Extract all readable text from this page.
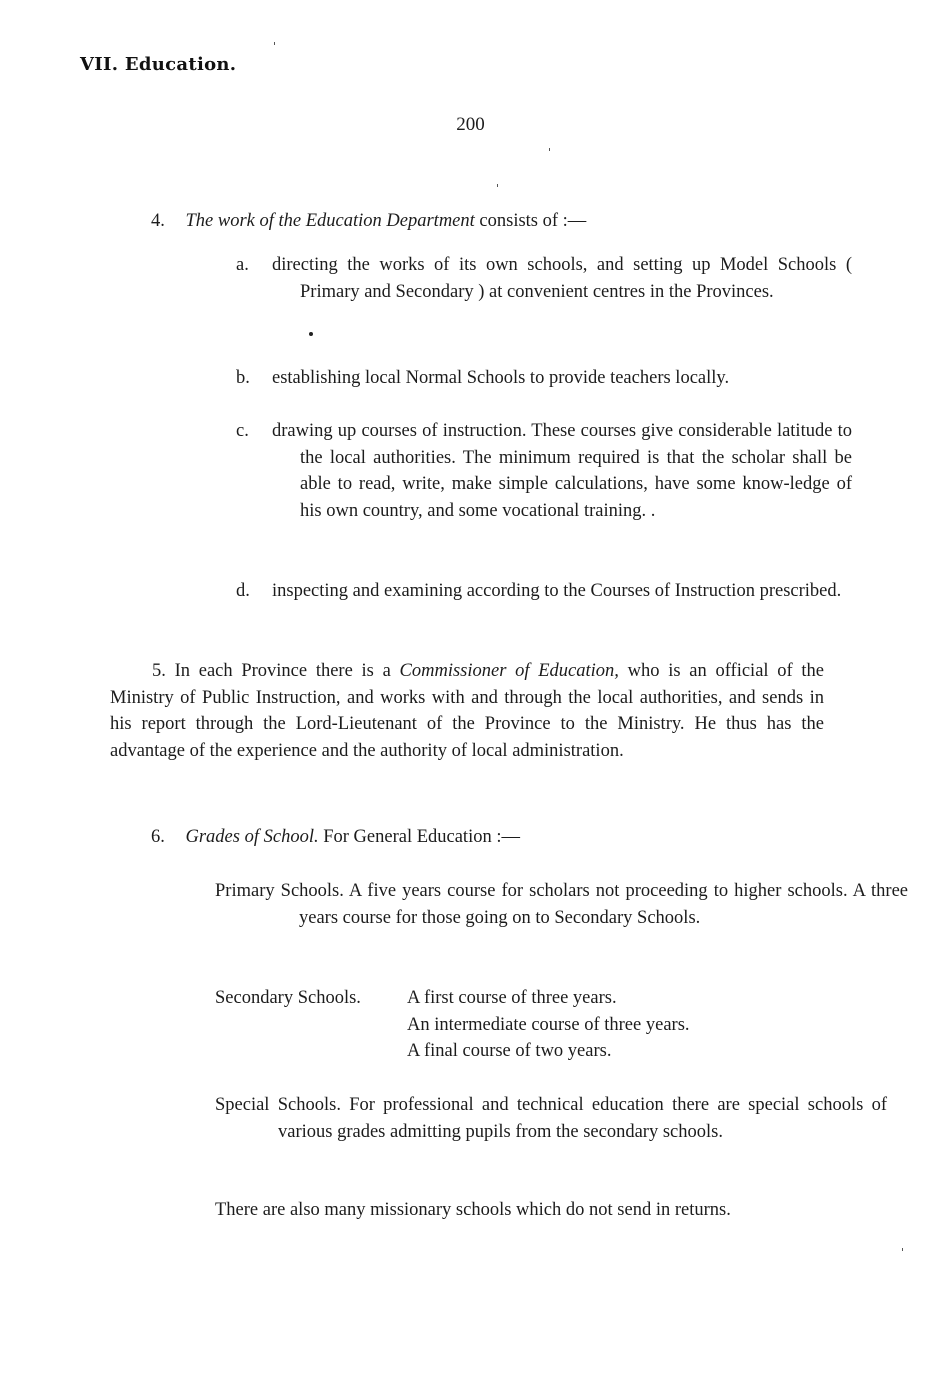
VII. Education.
200
4. The work of the Education Department consists of :—
a.	directing the works of its own schools, and setting up Model Schools ( Primary and Secondary ) at convenient centres in the Provinces.
b.	establishing local Normal Schools to provide teachers locally.
c.	drawing up courses of instruction. These courses give considerable latitude to the local authorities. The minimum required is that the scholar shall be able to read, write, make simple calculations, have some know-ledge of his own country, and some vocational training. .
d.	inspecting and examining according to the Courses of Instruction prescribed.
5. In each Province there is a Commissioner of Education, who is an official of the Ministry of Public Instruction, and works with and through the local authorities, and sends in his report through the Lord-Lieutenant of the Province to the Ministry. He thus has the advantage of the experience and the authority of local administration.
6. Grades of School. For General Education :—
Primary Schools. A five years course for scholars not proceeding to higher schools. A three years course for those going on to Secondary Schools.
Secondary Schools.	A first course of three years.
An intermediate course of three years.
A final course of two years.
Special Schools. For professional and technical education there are special schools of various grades admitting pupils from the secondary schools.
There are also many missionary schools which do not send in returns.
